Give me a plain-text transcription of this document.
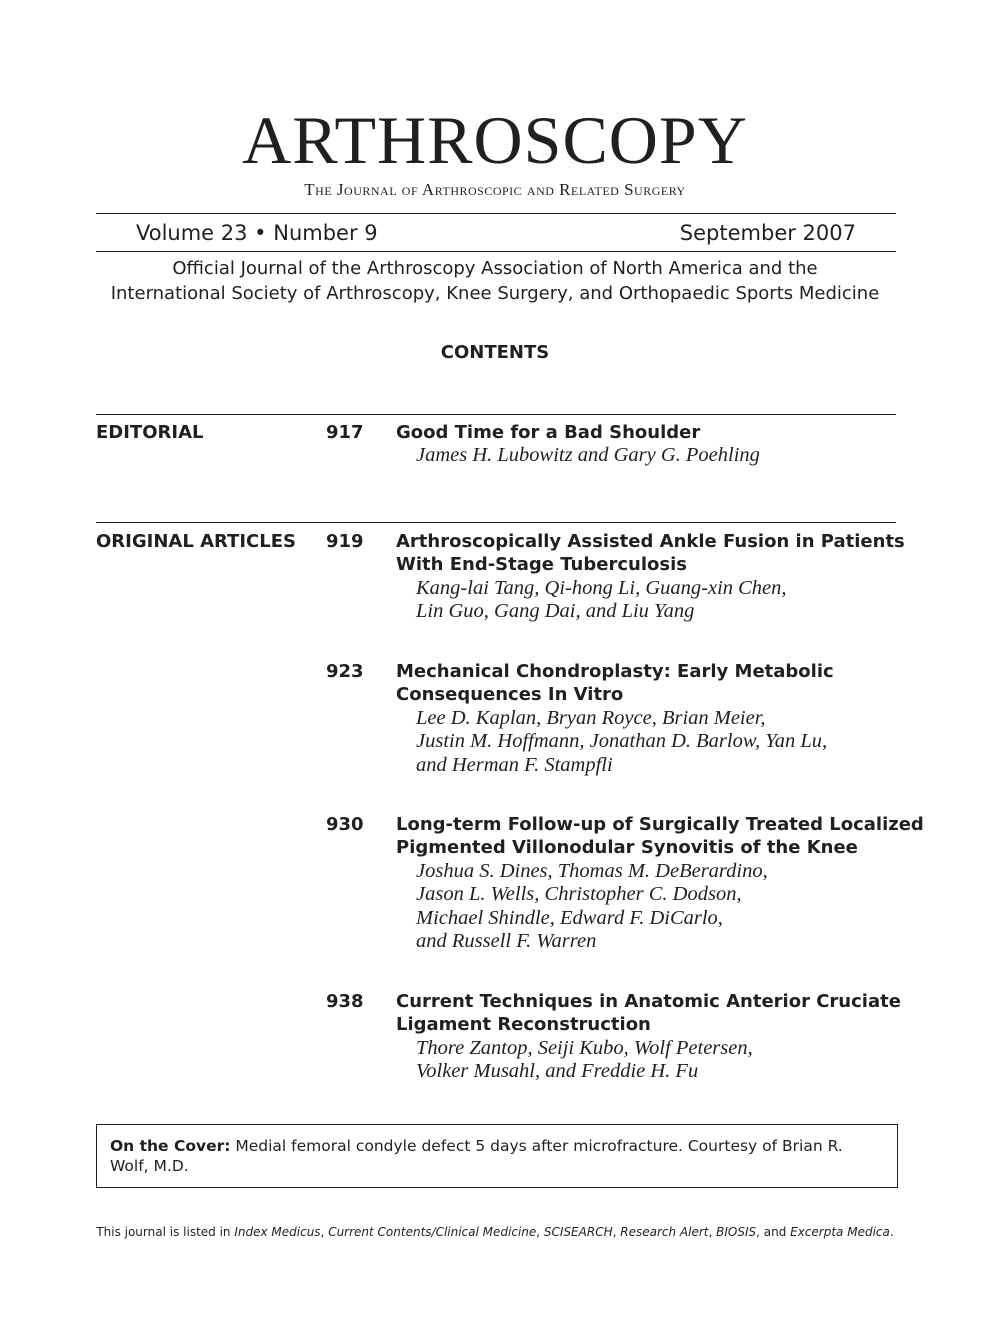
ARTHROSCOPY
The Journal of Arthroscopic and Related Surgery
Volume 23 • Number 9	September 2007
Official Journal of the Arthroscopy Association of North America and the
International Society of Arthroscopy, Knee Surgery, and Orthopaedic Sports Medicine
CONTENTS
EDITORIAL	917 Good Time for a Bad Shoulder
James H. Lubowitz and Gary G. Poehling
ORIGINAL ARTICLES 919 Arthroscopically Assisted Ankle Fusion in Patients
With End-Stage Tuberculosis
Kang-lai Tang, Qi-hong Li, Guang-xin Chen,
Lin Guo, Gang Dai, and Liu Yang
923 Mechanical Chondroplasty: Early Metabolic
Consequences In Vitro
Lee D. Kaplan, Bryan Royce, Brian Meier,
Justin M. Hoffmann, Jonathan D. Barlow, Yan Lu,
and Herman F. Stampfli
930 Long-term Follow-up of Surgically Treated Localized
Pigmented Villonodular Synovitis of the Knee
Joshua S. Dines, Thomas M. DeBerardino,
Jason L. Wells, Christopher C. Dodson,
Michael Shindle, Edward F. DiCarlo,
and Russell F. Warren
938 Current Techniques in Anatomic Anterior Cruciate
Ligament Reconstruction
Thore Zantop, Seiji Kubo, Wolf Petersen,
Volker Musahl, and Freddie H. Fu
On the Cover: Medial femoral condyle defect 5 days after microfracture. Courtesy of Brian R. Wolf, M.D.
This journal is listed in Index Medicus, Current Contents/Clinical Medicine, SCISEARCH, Research Alert, BIOSIS, and Excerpta Medica.
